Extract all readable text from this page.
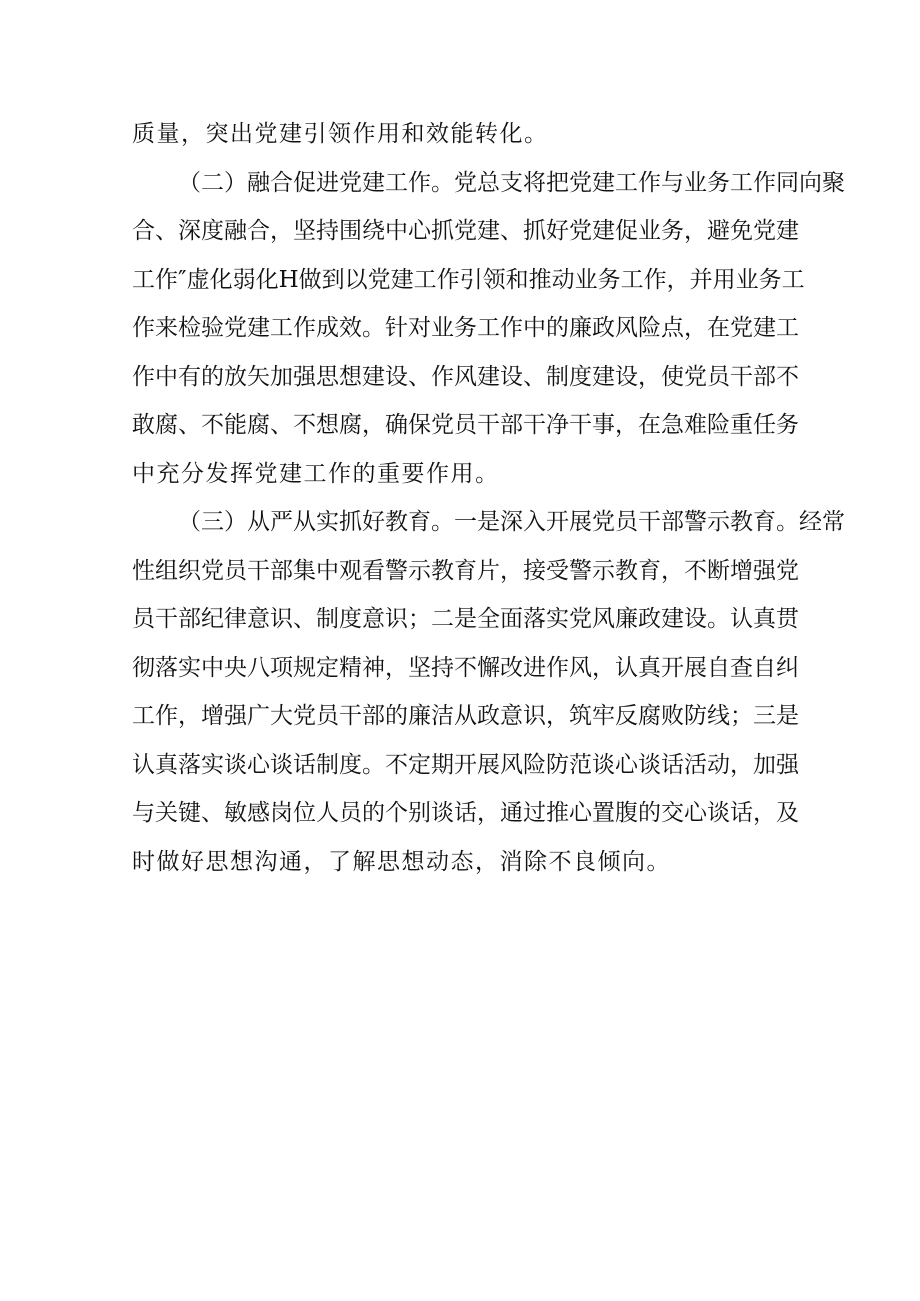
质量，突出党建引领作用和效能转化。
（二）融合促进党建工作。党总支将把党建工作与业务工作同向聚
合、深度融合，坚持围绕中心抓党建、抓好党建促业务，避免党建
工作″虚化弱化H做到以党建工作引领和推动业务工作，并用业务工
作来检验党建工作成效。针对业务工作中的廉政风险点，在党建工
作中有的放矢加强思想建设、作风建设、制度建设，使党员干部不
敢腐、不能腐、不想腐，确保党员干部干净干事，在急难险重任务
中充分发挥党建工作的重要作用。
（三）从严从实抓好教育。一是深入开展党员干部警示教育。经常
性组织党员干部集中观看警示教育片，接受警示教育，不断增强党
员干部纪律意识、制度意识；二是全面落实党风廉政建设。认真贯
彻落实中央八项规定精神，坚持不懈改进作风，认真开展自查自纠
工作，增强广大党员干部的廉洁从政意识，筑牢反腐败防线；三是
认真落实谈心谈话制度。不定期开展风险防范谈心谈话活动，加强
与关键、敏感岗位人员的个别谈话，通过推心置腹的交心谈话，及
时做好思想沟通，了解思想动态，消除不良倾向。
